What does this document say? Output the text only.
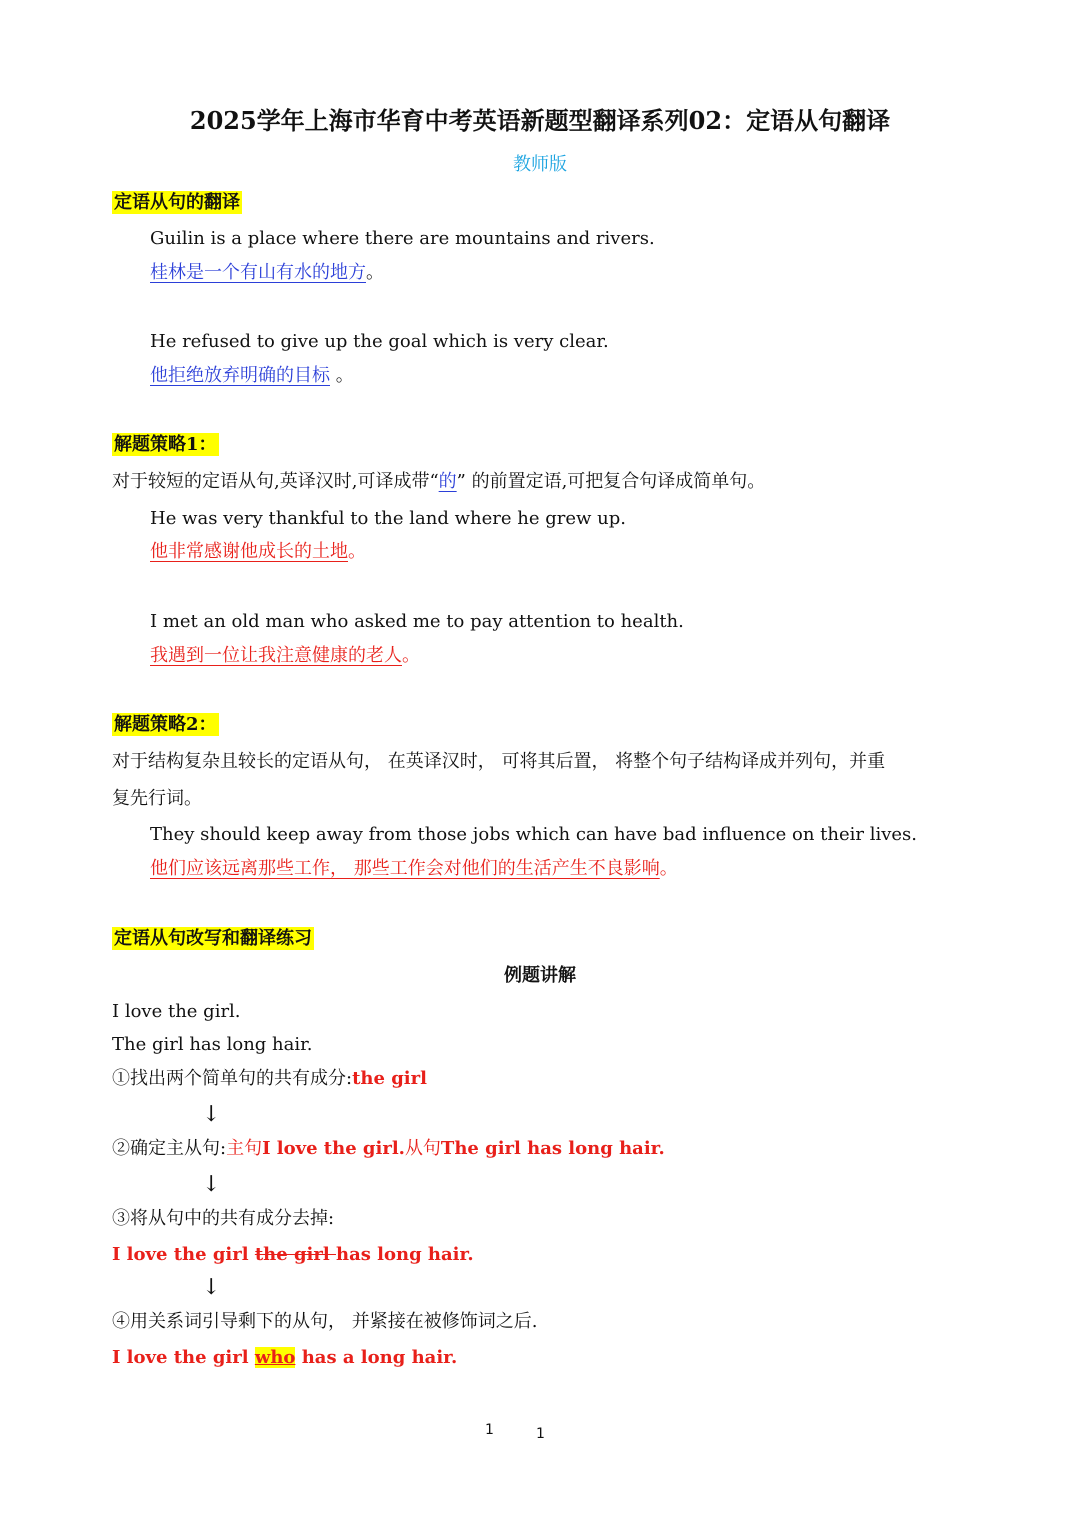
2025学年上海市华育中考英语新题型翻译系列02：定语从句翻译
教师版
定语从句的翻译
Guilin is a place where there are mountains and rivers.
桂林是一个有山有水的地方。
He refused to give up the goal which is very clear.
他拒绝放弃明确的目标 。
解题策略1：
对于较短的定语从句,英译汉时,可译成带“的” 的前置定语,可把复合句译成简单句。
He was very thankful to the land where he grew up.
他非常感谢他成长的土地。
I met an old man who asked me to pay attention to health.
我遇到一位让我注意健康的老人。
解题策略2：
对于结构复杂且较长的定语从句， 在英译汉时， 可将其后置， 将整个句子结构译成并列句，并重
复先行词。
They should keep away from those jobs which can have bad influence on their lives.
他们应该远离那些工作， 那些工作会对他们的生活产生不良影响。
定语从句改写和翻译练习
例题讲解
I love the girl.
The girl has long hair.
①找出两个简单句的共有成分:the girl
↓
②确定主从句:主句I love the girl.从句The girl has long hair.
↓
③将从句中的共有成分去掉:
I love the girl the girl has long hair.
↓
④用关系词引导剩下的从句， 并紧接在被修饰词之后.
I love the girl who has a long hair.
1	1
